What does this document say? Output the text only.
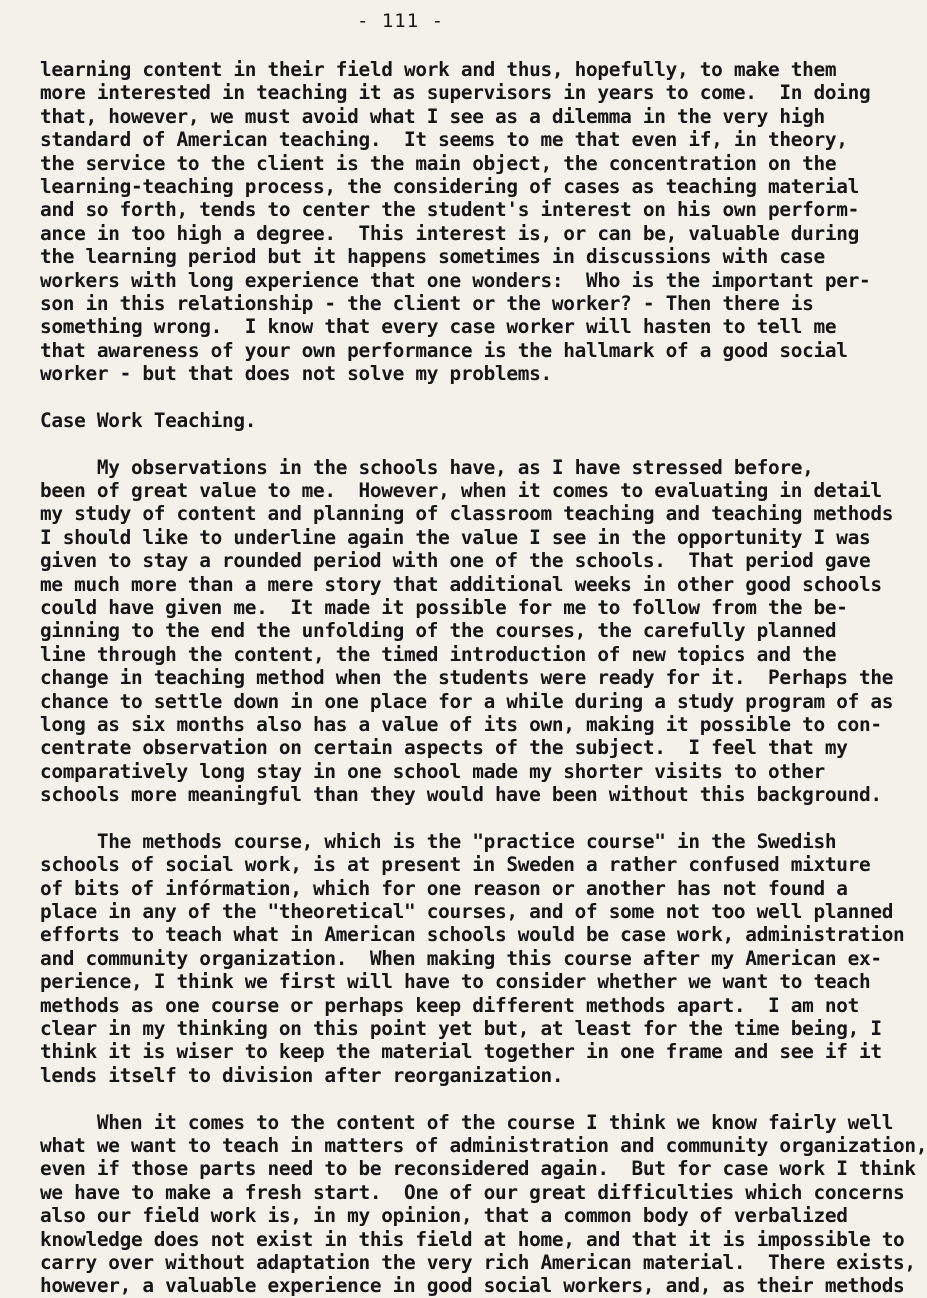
- 111 -
learning content in their field work and thus, hopefully, to make them
more interested in teaching it as supervisors in years to come.  In doing
that, however, we must avoid what I see as a dilemma in the very high
standard of American teaching.  It seems to me that even if, in theory,
the service to the client is the main object, the concentration on the
learning-teaching process, the considering of cases as teaching material
and so forth, tends to center the student's interest on his own perform-
ance in too high a degree.  This interest is, or can be, valuable during
the learning period but it happens sometimes in discussions with case
workers with long experience that one wonders:  Who is the important per-
son in this relationship - the client or the worker? - Then there is
something wrong.  I know that every case worker will hasten to tell me
that awareness of your own performance is the hallmark of a good social
worker - but that does not solve my problems.
Case Work Teaching.
My observations in the schools have, as I have stressed before,
been of great value to me.  However, when it comes to evaluating in detail
my study of content and planning of classroom teaching and teaching methods
I should like to underline again the value I see in the opportunity I was
given to stay a rounded period with one of the schools.  That period gave
me much more than a mere story that additional weeks in other good schools
could have given me.  It made it possible for me to follow from the be-
ginning to the end the unfolding of the courses, the carefully planned
line through the content, the timed introduction of new topics and the
change in teaching method when the students were ready for it.  Perhaps the
chance to settle down in one place for a while during a study program of as
long as six months also has a value of its own, making it possible to con-
centrate observation on certain aspects of the subject.  I feel that my
comparatively long stay in one school made my shorter visits to other
schools more meaningful than they would have been without this background.
The methods course, which is the "practice course" in the Swedish
schools of social work, is at present in Sweden a rather confused mixture
of bits of infórmation, which for one reason or another has not found a
place in any of the "theoretical" courses, and of some not too well planned
efforts to teach what in American schools would be case work, administration
and community organization.  When making this course after my American ex-
perience, I think we first will have to consider whether we want to teach
methods as one course or perhaps keep different methods apart.  I am not
clear in my thinking on this point yet but, at least for the time being, I
think it is wiser to keep the material together in one frame and see if it
lends itself to division after reorganization.
When it comes to the content of the course I think we know fairly well
what we want to teach in matters of administration and community organization,
even if those parts need to be reconsidered again.  But for case work I think
we have to make a fresh start.  One of our great difficulties which concerns
also our field work is, in my opinion, that a common body of verbalized
knowledge does not exist in this field at home, and that it is impossible to
carry over without adaptation the very rich American material.  There exists,
however, a valuable experience in good social workers, and, as their methods
